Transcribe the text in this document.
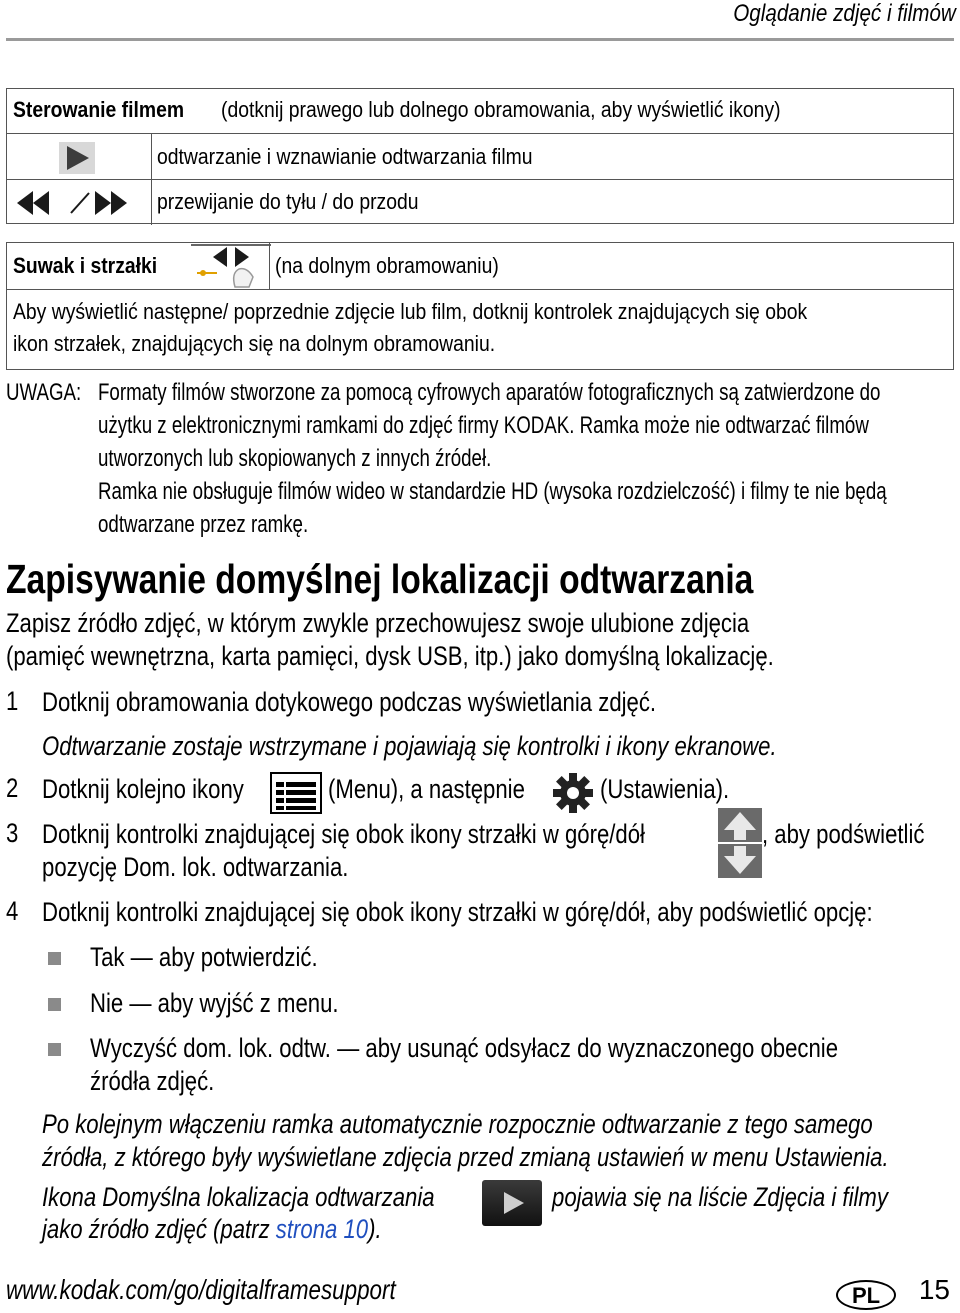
Oglądanie zdjęć i filmów
Sterowanie filmem (dotknij prawego lub dolnego obramowania, aby wyświetlić ikony)
odtwarzanie i wznawianie odtwarzania filmu
przewijanie do tyłu / do przodu
Suwak i strzałki	(na dolnym obramowaniu)
Aby wyświetlić następne/ poprzednie zdjęcie lub film, dotknij kontrolek znajdujących się obok
ikon strzałek, znajdujących się na dolnym obramowaniu.
UWAGA: Formaty filmów stworzone za pomocą cyfrowych aparatów fotograficznych są zatwierdzone do
użytku z elektronicznymi ramkami do zdjęć firmy KODAK. Ramka może nie odtwarzać filmów
utworzonych lub skopiowanych z innych źródeł.
Ramka nie obsługuje filmów wideo w standardzie HD (wysoka rozdzielczość) i filmy te nie będą
odtwarzane przez ramkę.
Zapisywanie domyślnej lokalizacji odtwarzania
Zapisz źródło zdjęć, w którym zwykle przechowujesz swoje ulubione zdjęcia
(pamięć wewnętrzna, karta pamięci, dysk USB, itp.) jako domyślną lokalizację.
1 Dotknij obramowania dotykowego podczas wyświetlania zdjęć.
Odtwarzanie zostaje wstrzymane i pojawiają się kontrolki i ikony ekranowe.
2 Dotknij kolejno ikony	(Menu), a następnie	(Ustawienia).
3 Dotknij kontrolki znajdującej się obok ikony strzałki w górę/dół	, aby podświetlić
pozycję Dom. lok. odtwarzania.
4 Dotknij kontrolki znajdującej się obok ikony strzałki w górę/dół, aby podświetlić opcję:
Tak — aby potwierdzić.
Nie — aby wyjść z menu.
Wyczyść dom. lok. odtw. — aby usunąć odsyłacz do wyznaczonego obecnie
źródła zdjęć.
Po kolejnym włączeniu ramka automatycznie rozpocznie odtwarzanie z tego samego
źródła, z którego były wyświetlane zdjęcia przed zmianą ustawień w menu Ustawienia.
Ikona Domyślna lokalizacja odtwarzania	pojawia się na liście Zdjęcia i filmy
jako źródło zdjęć (patrz strona 10).
www.kodak.com/go/digitalframesupport	PL	15
